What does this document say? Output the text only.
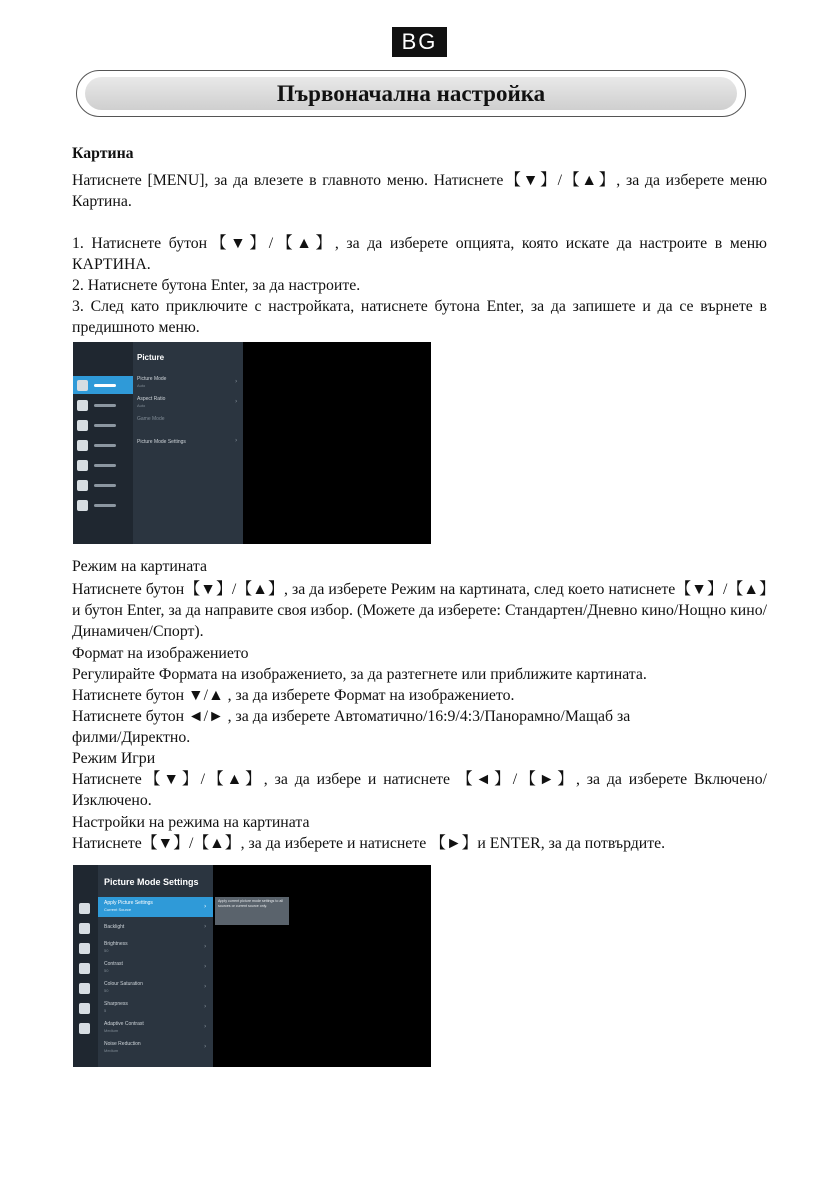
BG
Първоначална настройка

Картина

Натиснете [MENU], за да влезете в главното меню. Натиснете【▼】/【▲】, за да изберете меню Картина.

1. Натиснете бутон【▼】/【▲】, за да изберете опцията, която искате да настроите в меню КАРТИНА.

2. Натиснете бутона Enter, за да настроите.

3. След като приключите с настройката, натиснете бутона Enter, за да запишете и да се върнете в предишното меню.

Picture
Picture Mode
Auto
›
Aspect Ratio
Auto
›
Game Mode
Picture Mode Settings	›

Режим на картината

Натиснете бутон【▼】/【▲】, за да изберете Режим на картината, след което натиснете【▼】/【▲】и бутон Enter, за да направите своя избор. (Можете да изберете: Стандартен/Дневно кино/Нощно кино/Динамичен/Спорт).

Формат на изображението

Регулирайте Формата на изображението, за да разтегнете или приближите картината.

Натиснете бутон ▼/▲ , за да изберете Формат на изображението.

Натиснете бутон ◄/► , за да изберете Автоматично/16:9/4:3/Панорамно/Мащаб за

филми/Директно.

Режим Игри

Натиснете【▼】/【▲】, за да избере и натиснете 【◄】/【►】, за да изберете Включено/Изключено.

Настройки на режима на картината

Натиснете【▼】/【▲】, за да изберете и натиснете 【►】и ENTER, за да потвърдите.

Picture Mode Settings
Apply Picture Settings
Current Source
Backlight
Brightness
50
Contrast
50
Colour Saturation
50
Sharpness
5
Adaptive Contrast
Medium
Noise Reduction
Medium
›
›
›
›
›
›
›
›
Apply current picture mode settings to all sources or current source only.
